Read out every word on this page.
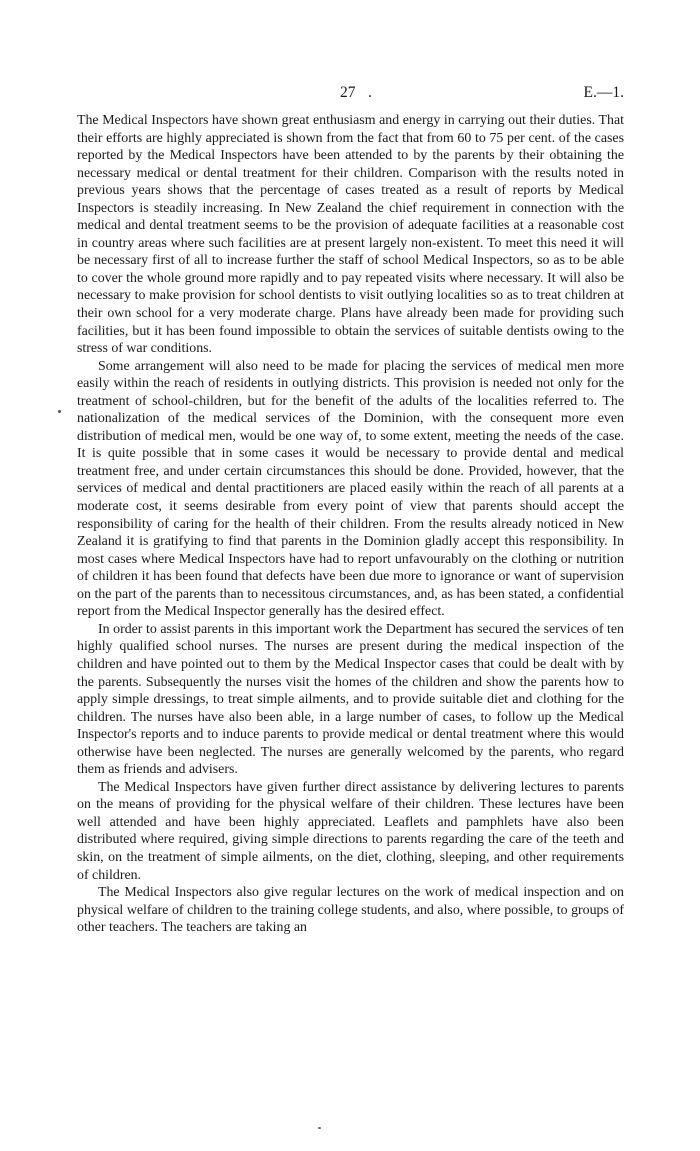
27 .	E.—1.

The Medical Inspectors have shown great enthusiasm and energy in carrying out their duties. That their efforts are highly appreciated is shown from the fact that from 60 to 75 per cent. of the cases reported by the Medical Inspectors have been attended to by the parents by their obtaining the necessary medical or dental treatment for their children. Comparison with the results noted in previous years shows that the percentage of cases treated as a result of reports by Medical Inspectors is steadily increasing. In New Zealand the chief requirement in connection with the medical and dental treatment seems to be the provision of adequate facilities at a reasonable cost in country areas where such facilities are at present largely non-existent. To meet this need it will be necessary first of all to increase further the staff of school Medical Inspectors, so as to be able to cover the whole ground more rapidly and to pay repeated visits where necessary. It will also be necessary to make provision for school dentists to visit outlying localities so as to treat children at their own school for a very moderate charge. Plans have already been made for providing such facilities, but it has been found impossible to obtain the services of suitable dentists owing to the stress of war conditions.

Some arrangement will also need to be made for placing the services of medical men more easily within the reach of residents in outlying districts. This provision is needed not only for the treatment of school-children, but for the benefit of the adults of the localities referred to. The nationalization of the medical services of the Dominion, with the consequent more even distribution of medical men, would be one way of, to some extent, meeting the needs of the case. It is quite possible that in some cases it would be necessary to provide dental and medical treatment free, and under certain circumstances this should be done. Provided, however, that the services of medical and dental practitioners are placed easily within the reach of all parents at a moderate cost, it seems desirable from every point of view that parents should accept the responsibility of caring for the health of their children. From the results already noticed in New Zealand it is gratifying to find that parents in the Dominion gladly accept this responsibility. In most cases where Medical Inspectors have had to report unfavourably on the clothing or nutrition of children it has been found that defects have been due more to ignorance or want of supervision on the part of the parents than to necessitous circumstances, and, as has been stated, a confidential report from the Medical Inspector generally has the desired effect.

In order to assist parents in this important work the Department has secured the services of ten highly qualified school nurses. The nurses are present during the medical inspection of the children and have pointed out to them by the Medical Inspector cases that could be dealt with by the parents. Subsequently the nurses visit the homes of the children and show the parents how to apply simple dressings, to treat simple ailments, and to provide suitable diet and clothing for the children. The nurses have also been able, in a large number of cases, to follow up the Medical Inspector's reports and to induce parents to provide medical or dental treatment where this would otherwise have been neglected. The nurses are generally welcomed by the parents, who regard them as friends and advisers.

The Medical Inspectors have given further direct assistance by delivering lectures to parents on the means of providing for the physical welfare of their children. These lectures have been well attended and have been highly appreciated. Leaflets and pamphlets have also been distributed where required, giving simple directions to parents regarding the care of the teeth and skin, on the treatment of simple ailments, on the diet, clothing, sleeping, and other requirements of children.

The Medical Inspectors also give regular lectures on the work of medical inspection and on physical welfare of children to the training college students, and also, where possible, to groups of other teachers. The teachers are taking an
